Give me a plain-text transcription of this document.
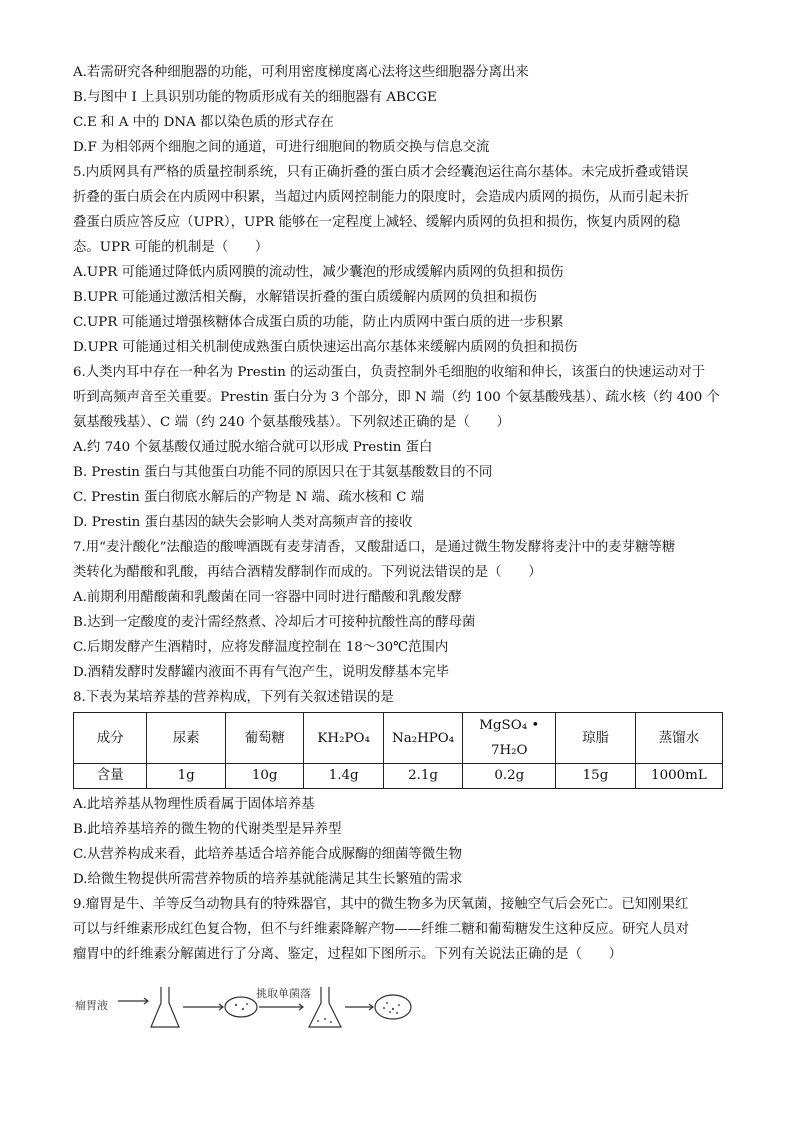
A.若需研究各种细胞器的功能，可利用密度梯度离心法将这些细胞器分离出来
B.与图中 I 上具识别功能的物质形成有关的细胞器有 ABCGE
C.E 和 A 中的 DNA 都以染色质的形式存在
D.F 为相邻两个细胞之间的通道，可进行细胞间的物质交换与信息交流
5.内质网具有严格的质量控制系统，只有正确折叠的蛋白质才会经囊泡运往高尔基体。未完成折叠或错误
折叠的蛋白质会在内质网中积累，当超过内质网控制能力的限度时，会造成内质网的损伤，从而引起未折
叠蛋白质应答反应（UPR），UPR 能够在一定程度上减轻、缓解内质网的负担和损伤，恢复内质网的稳
态。UPR 可能的机制是（　　）
A.UPR 可能通过降低内质网膜的流动性，减少囊泡的形成缓解内质网的负担和损伤
B.UPR 可能通过激活相关酶，水解错误折叠的蛋白质缓解内质网的负担和损伤
C.UPR 可能通过增强核糖体合成蛋白质的功能，防止内质网中蛋白质的进一步积累
D.UPR 可能通过相关机制使成熟蛋白质快速运出高尔基体来缓解内质网的负担和损伤
6.人类内耳中存在一种名为 Prestin 的运动蛋白，负责控制外毛细胞的收缩和伸长，该蛋白的快速运动对于
听到高频声音至关重要。Prestin 蛋白分为 3 个部分，即 N 端（约 100 个氨基酸残基）、疏水核（约 400 个
氨基酸残基）、C 端（约 240 个氨基酸残基）。下列叙述正确的是（　　）
A.约 740 个氨基酸仅通过脱水缩合就可以形成 Prestin 蛋白
B. Prestin 蛋白与其他蛋白功能不同的原因只在于其氨基酸数目的不同
C. Prestin 蛋白彻底水解后的产物是 N 端、疏水核和 C 端
D. Prestin 蛋白基因的缺失会影响人类对高频声音的接收
7.用“麦汁酸化”法酿造的酸啤酒既有麦芽清香，又酸甜适口，是通过微生物发酵将麦汁中的麦芽糖等糖
类转化为醋酸和乳酸，再结合酒精发酵制作而成的。下列说法错误的是（　　）
A.前期利用醋酸菌和乳酸菌在同一容器中同时进行醋酸和乳酸发酵
B.达到一定酸度的麦汁需经熬煮、冷却后才可接种抗酸性高的酵母菌
C.后期发酵产生酒精时，应将发酵温度控制在 18～30℃范围内
D.酒精发酵时发酵罐内液面不再有气泡产生，说明发酵基本完毕
8.下表为某培养基的营养构成，下列有关叙述错误的是
成分	尿素	葡萄糖	KH₂PO₄	Na₂HPO₄	MgSO₄ • 7H₂O	琼脂	蒸馏水
含量	1g	10g	1.4g	2.1g	0.2g	15g	1000mL
A.此培养基从物理性质看属于固体培养基
B.此培养基培养的微生物的代谢类型是异养型
C.从营养构成来看，此培养基适合培养能合成脲酶的细菌等微生物
D.给微生物提供所需营养物质的培养基就能满足其生长繁殖的需求
9.瘤胃是牛、羊等反刍动物具有的特殊器官，其中的微生物多为厌氧菌，接触空气后会死亡。已知刚果红
可以与纤维素形成红色复合物，但不与纤维素降解产物——纤维二糖和葡萄糖发生这种反应。研究人员对
瘤胃中的纤维素分解菌进行了分离、鉴定，过程如下图所示。下列有关说法正确的是（　　）
瘤胃液
挑取单菌落
